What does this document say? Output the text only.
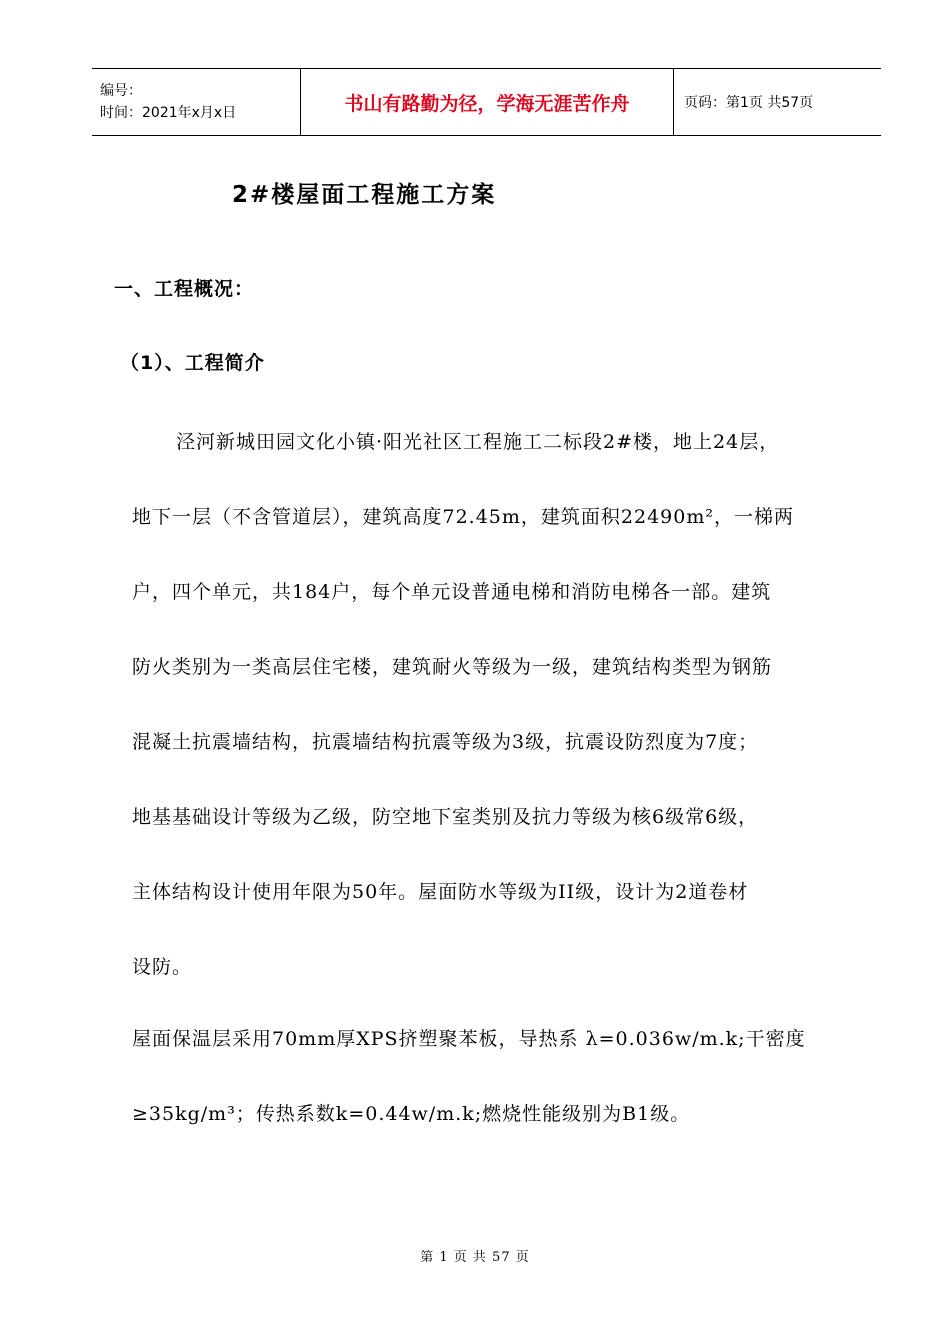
编号：
时间：2021年x月x日	书山有路勤为径，学海无涯苦作舟	页码：第1页 共57页
2#楼屋面工程施工方案
一、工程概况：
（1）、工程简介
泾河新城田园文化小镇·阳光社区工程施工二标段2#楼，地上24层，
地下一层（不含管道层），建筑高度72.45m，建筑面积22490m²，一梯两
户，四个单元，共184户，每个单元设普通电梯和消防电梯各一部。建筑
防火类别为一类高层住宅楼，建筑耐火等级为一级，建筑结构类型为钢筋
混凝土抗震墙结构，抗震墙结构抗震等级为3级，抗震设防烈度为7度；
地基基础设计等级为乙级，防空地下室类别及抗力等级为核6级常6级，
主体结构设计使用年限为50年。屋面防水等级为II级，设计为2道卷材
设防。
屋面保温层采用70mm厚XPS挤塑聚苯板，导热系 λ=0.036w/m.k;干密度
≥35kg/m³；传热系数k=0.44w/m.k;燃烧性能级别为B1级。
第 1 页 共 57 页
